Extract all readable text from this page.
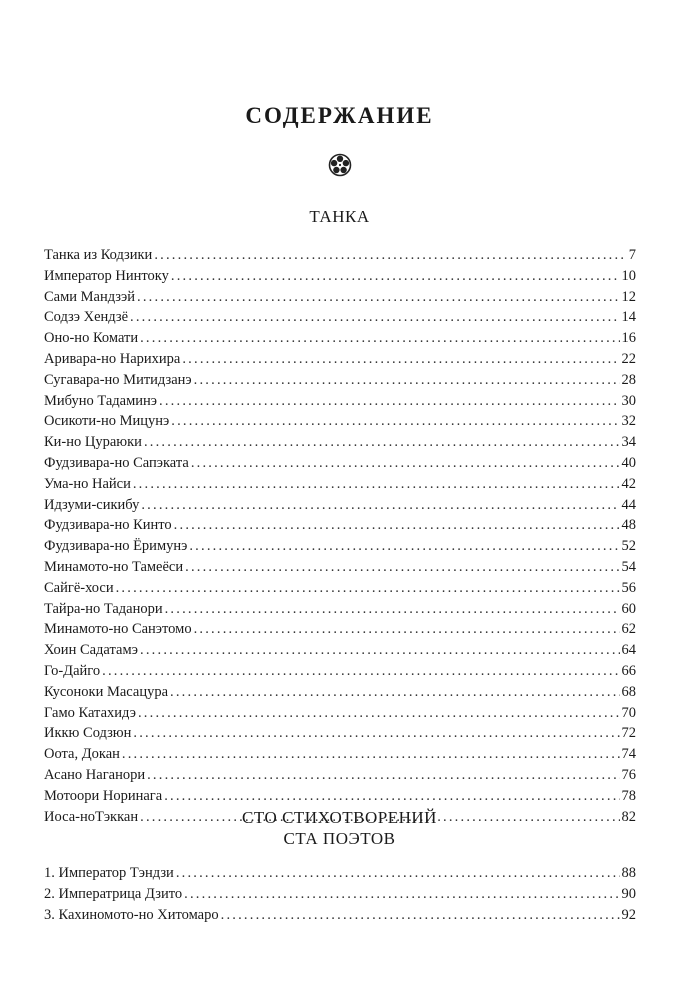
СОДЕРЖАНИЕ
ТАНКА
Танка из Кодзики .....	7
Император Нинтоку .....	10
Сами Мандзэй .....	12
Содзэ Хендзё .....	14
Оно-но Комати .....	16
Аривара-но Нарихира .....	22
Сугавара-но Митидзанэ .....	28
Мибуно Тадаминэ .....	30
Осикоти-но Мицунэ .....	32
Ки-но Цураюки .....	34
Фудзивара-но Сапэката .....	40
Ума-но Найси .....	42
Идзуми-сикибу .....	44
Фудзивара-но Кинто .....	48
Фудзивара-но Ёримунэ .....	52
Минамото-но Тамеёси .....	54
Сайгё-хоси .....	56
Тайра-но Таданори .....	60
Минамото-но Санэтомо .....	62
Хоин Садатамэ .....	64
Го-Дайго .....	66
Кусоноки Масацура .....	68
Гамо Катахидэ .....	70
Иккю Содзюн .....	72
Оота, Докан .....	74
Асано Наганори .....	76
Мотоори Норинага .....	78
Иоса-ноТэккан .....	82
СТО СТИХОТВОРЕНИЙ
СТА ПОЭТОВ
1. Император Тэндзи .....	88
2. Императрица Дзито .....	90
3. Кахиномото-но Хитомаро .....	92
